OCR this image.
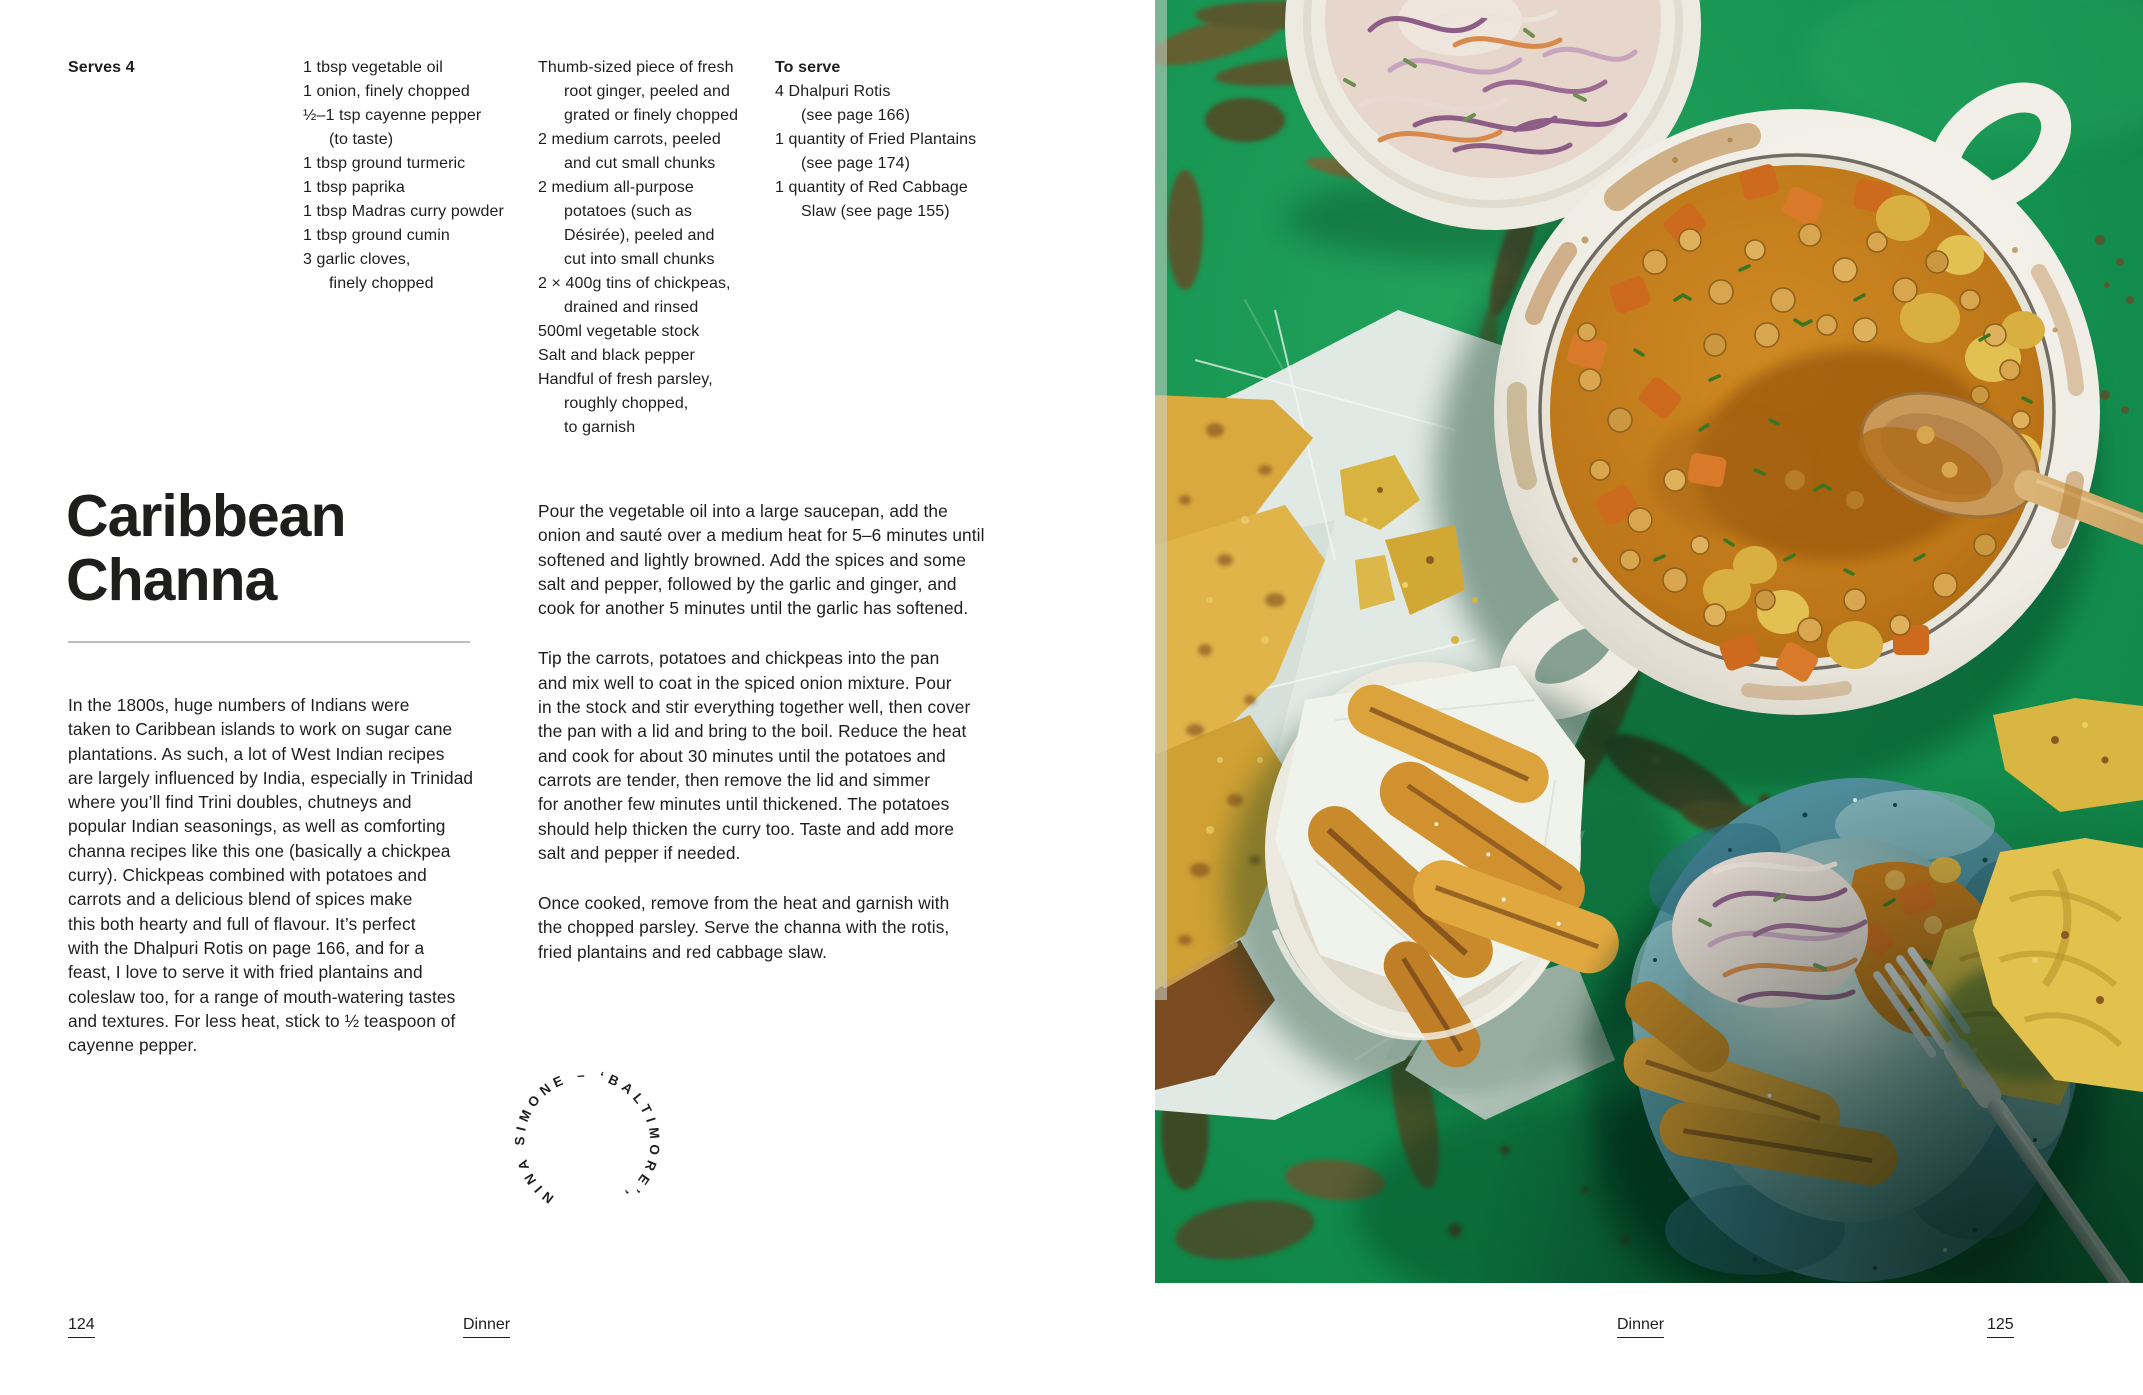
Serves 4	1 tbsp vegetable oil
1 onion, finely chopped
½–1 tsp cayenne pepper
(to taste)
1 tbsp ground turmeric
1 tbsp paprika
1 tbsp Madras curry powder
1 tbsp ground cumin
3 garlic cloves,
finely chopped
Thumb-sized piece of fresh
root ginger, peeled and
grated or finely chopped
2 medium carrots, peeled
and cut small chunks
2 medium all-purpose
potatoes (such as
Désirée), peeled and
cut into small chunks
2 × 400g tins of chickpeas,
drained and rinsed
500ml vegetable stock
Salt and black pepper
Handful of fresh parsley,
roughly chopped,
to garnish
To serve
4 Dhalpuri Rotis
(see page 166)
1 quantity of Fried Plantains
(see page 174)
1 quantity of Red Cabbage
Slaw (see page 155)
Caribbean
Channa
In the 1800s, huge numbers of Indians were
taken to Caribbean islands to work on sugar cane
plantations. As such, a lot of West Indian recipes
are largely influenced by India, especially in Trinidad
where you’ll find Trini doubles, chutneys and
popular Indian seasonings, as well as comforting
channa recipes like this one (basically a chickpea
curry). Chickpeas combined with potatoes and
carrots and a delicious blend of spices make
this both hearty and full of flavour. It’s perfect
with the Dhalpuri Rotis on page 166, and for a
feast, I love to serve it with fried plantains and
coleslaw too, for a range of mouth-watering tastes
and textures. For less heat, stick to ½ teaspoon of
cayenne pepper.
Pour the vegetable oil into a large saucepan, add the
onion and sauté over a medium heat for 5–6 minutes until
softened and lightly browned. Add the spices and some
salt and pepper, followed by the garlic and ginger, and
cook for another 5 minutes until the garlic has softened.
Tip the carrots, potatoes and chickpeas into the pan
and mix well to coat in the spiced onion mixture. Pour
in the stock and stir everything together well, then cover
the pan with a lid and bring to the boil. Reduce the heat
and cook for about 30 minutes until the potatoes and
carrots are tender, then remove the lid and simmer
for another few minutes until thickened. The potatoes
should help thicken the curry too. Taste and add more
salt and pepper if needed.
Once cooked, remove from the heat and garnish with
the chopped parsley. Serve the channa with the rotis,
fried plantains and red cabbage slaw.
NINA SIMONE – ‘BALTIMORE’,
124	Dinner	Dinner	125
